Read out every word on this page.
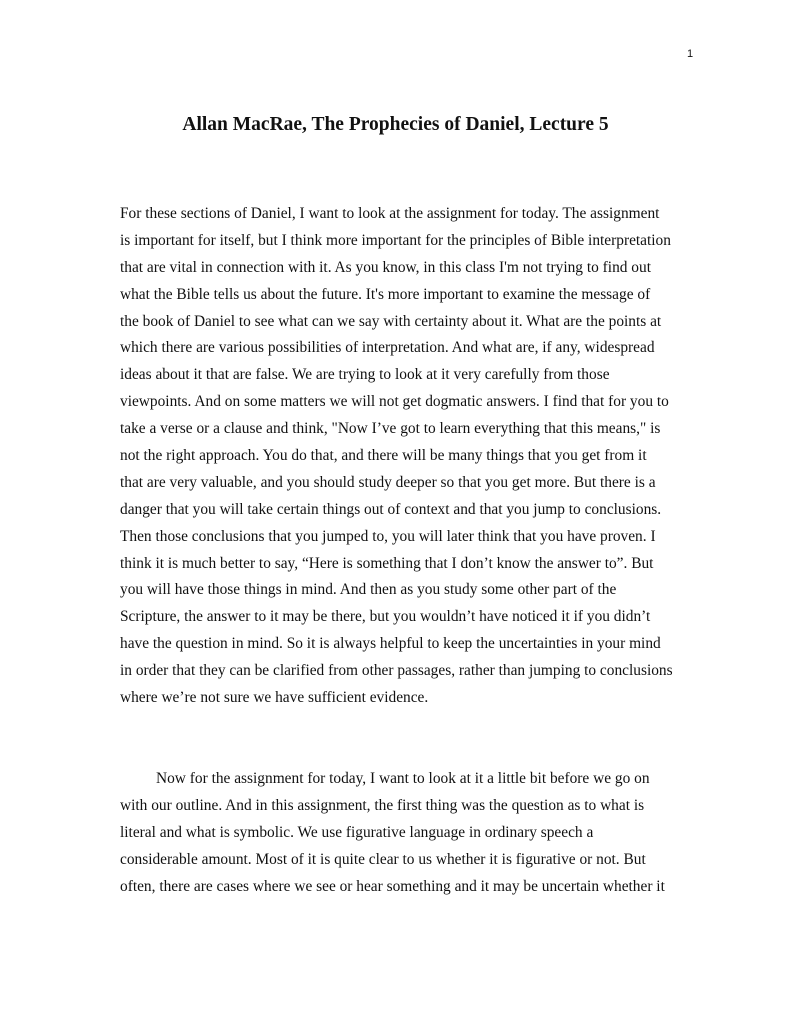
1
Allan MacRae, The Prophecies of Daniel, Lecture 5
For these sections of Daniel, I want to look at the assignment for today. The assignment
is important for itself, but I think more important for the principles of Bible interpretation
that are vital in connection with it. As you know, in this class I'm not trying to find out
what the Bible tells us about the future. It's more important to examine the message of
the book of Daniel to see what can we say with certainty about it. What are the points at
which there are various possibilities of interpretation. And what are, if any, widespread
ideas about it that are false. We are trying to look at it very carefully from those
viewpoints. And on some matters we will not get dogmatic answers. I find that for you to
take a verse or a clause and think, "Now I’ve got to learn everything that this means," is
not the right approach. You do that, and there will be many things that you get from it
that are very valuable, and you should study deeper so that you get more. But there is a
danger that you will take certain things out of context and that you jump to conclusions.
Then those conclusions that you jumped to, you will later think that you have proven. I
think it is much better to say, “Here is something that I don’t know the answer to”. But
you will have those things in mind. And then as you study some other part of the
Scripture, the answer to it may be there, but you wouldn’t have noticed it if you didn’t
have the question in mind. So it is always helpful to keep the uncertainties in your mind
in order that they can be clarified from other passages, rather than jumping to conclusions
where we’re not sure we have sufficient evidence.
Now for the assignment for today, I want to look at it a little bit before we go on
with our outline. And in this assignment, the first thing was the question as to what is
literal and what is symbolic. We use figurative language in ordinary speech a
considerable amount. Most of it is quite clear to us whether it is figurative or not. But
often, there are cases where we see or hear something and it may be uncertain whether it
